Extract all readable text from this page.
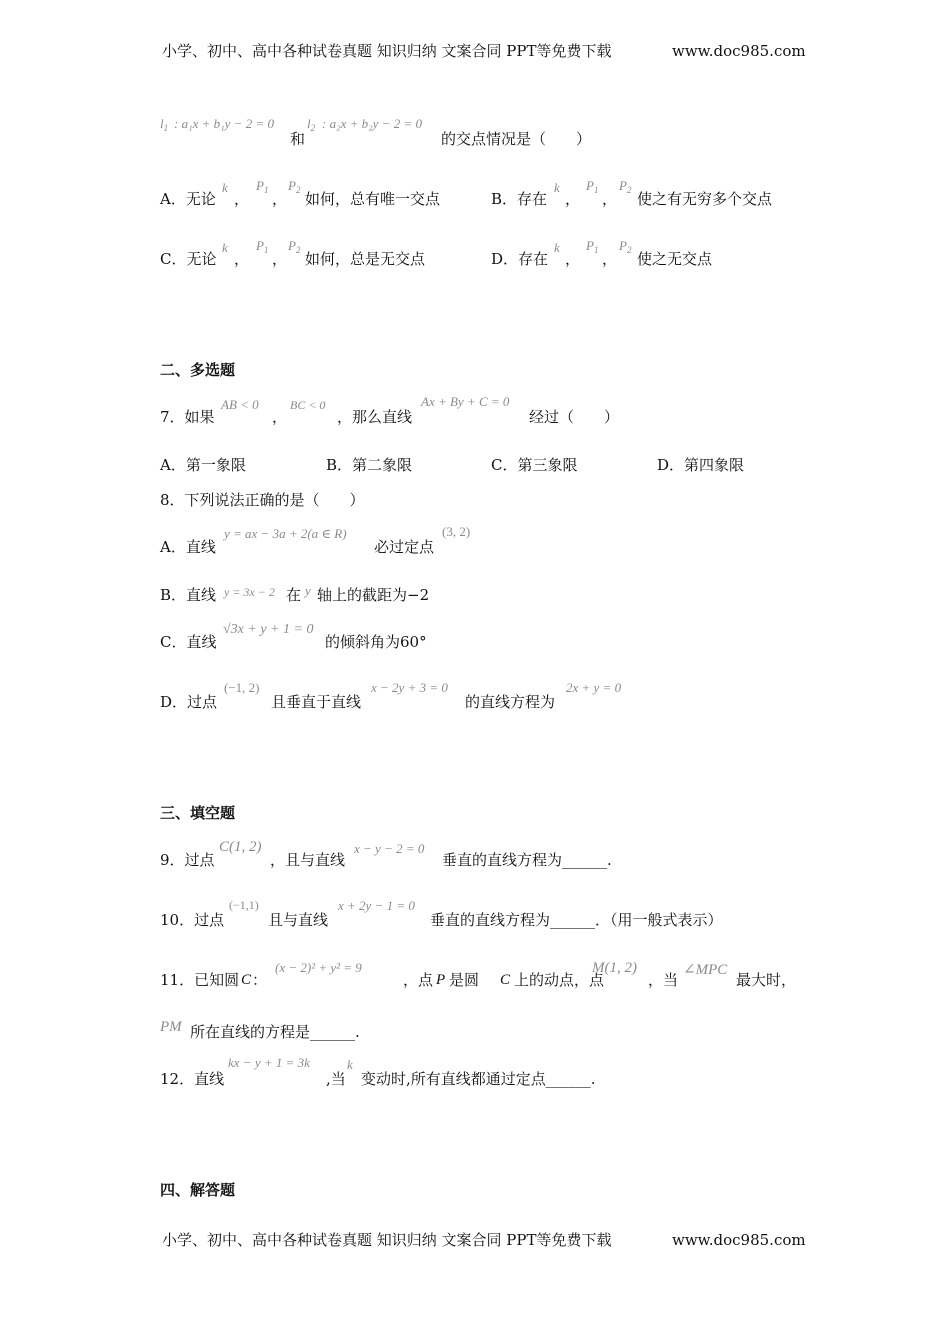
小学、初中、高中各种试卷真题 知识归纳 文案合同 PPT等免费下载	www.doc985.com
$l_1$ : a₁x + b₁y − 2 = 0
和
$l_2$ : a₂x + b₂y − 2 = 0
的交点情况是（　　）
A．无论
k
，
$P_1$ ，
$P_2$ 如何，总有唯一交点	B．存在
k
，
$P_1$ ，
$P_2$ 使之有无穷多个交点
C．无论
k
，
$P_1$ ，
$P_2$ 如何，总是无交点	D．存在
k
，
$P_1$ ，
$P_2$ 使之无交点
二、多选题
7．如果
AB < 0
，
BC < 0
，那么直线
Ax + By + C = 0
经过（　　）
A．第一象限	B．第二象限	C．第三象限	D．第四象限
8．下列说法正确的是（　　）
A．直线
y = ax − 3a + 2(a ∈ R)
必过定点
(3, 2)
B．直线 y = 3x − 2 在 y 轴上的截距为−2
C．直线
√3x + y + 1 = 0
的倾斜角为60°
D．过点
(−1, 2)
且垂直于直线
x − 2y + 3 = 0
的直线方程为
2x + y = 0
三、填空题
9．过点
C(1, 2)
，且与直线
x − y − 2 = 0
垂直的直线方程为______.
10．过点
(−1,1)
且与直线
x + 2y − 1 = 0
垂直的直线方程为______．（用一般式表示）
11．已知圆 C ：
(x − 2)² + y² = 9
，点 P 是圆 C 上的动点，点
M(1, 2)
，当
∠MPC
最大时，
PM 所在直线的方程是______.
12．直线
kx − y + 1 = 3k
,当
k
变动时,所有直线都通过定点______.
四、解答题
小学、初中、高中各种试卷真题 知识归纳 文案合同 PPT等免费下载	www.doc985.com
